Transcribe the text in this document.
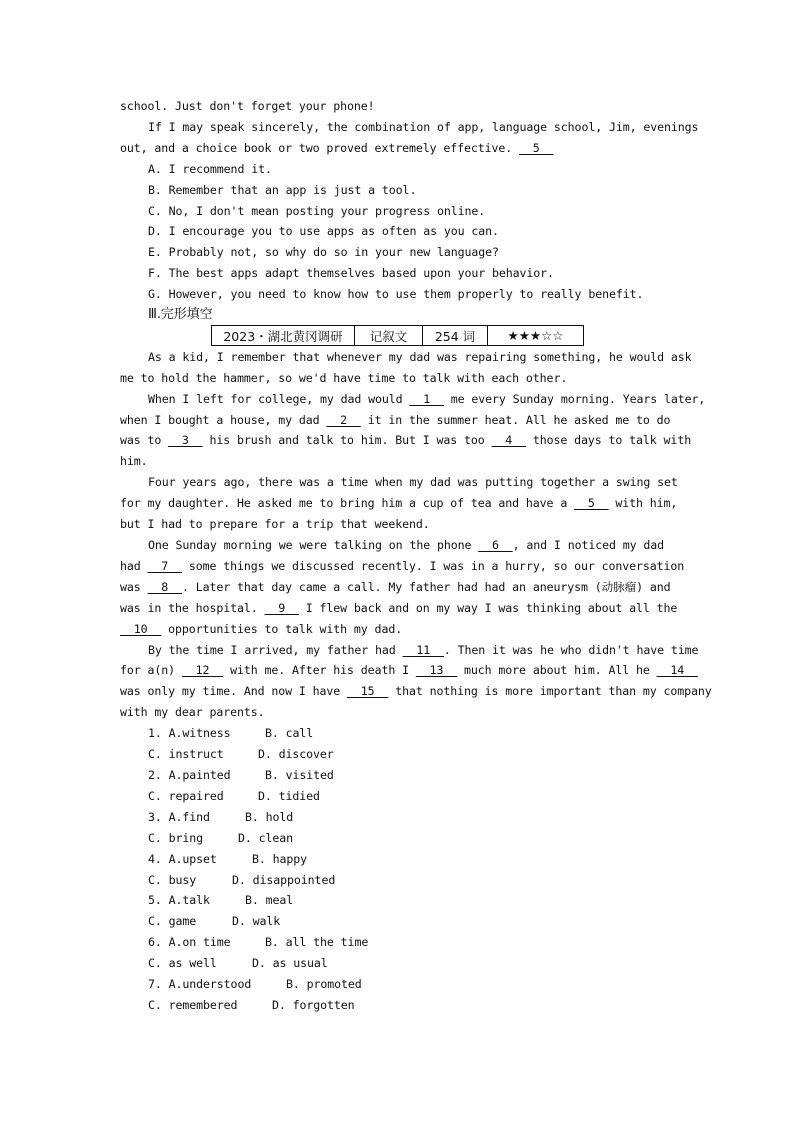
school. Just don't forget your phone!
If I may speak sincerely, the combination of app, language school, Jim, evenings
out, and a choice book or two proved extremely effective. __5__
A. I recommend it.
B. Remember that an app is just a tool.
C. No, I don't mean posting your progress online.
D. I encourage you to use apps as often as you can.
E. Probably not, so why do so in your new language?
F. The best apps adapt themselves based upon your behavior.
G. However, you need to know how to use them properly to really benefit.
Ⅲ.完形填空
As a kid, I remember that whenever my dad was repairing something, he would ask
me to hold the hammer, so we'd have time to talk with each other.
When I left for college, my dad would __1__ me every Sunday morning. Years later,
when I bought a house, my dad __2__ it in the summer heat. All he asked me to do
was to __3__ his brush and talk to him. But I was too __4__ those days to talk with
him.
Four years ago, there was a time when my dad was putting together a swing set
for my daughter. He asked me to bring him a cup of tea and have a __5__ with him,
but I had to prepare for a trip that weekend.
One Sunday morning we were talking on the phone __6__, and I noticed my dad
had __7__ some things we discussed recently. I was in a hurry, so our conversation
was __8__. Later that day came a call. My father had had an aneurysm (动脉瘤) and
was in the hospital. __9__ I flew back and on my way I was thinking about all the
__10__ opportunities to talk with my dad.
By the time I arrived, my father had __11__. Then it was he who didn't have time
for a(n) __12__ with me. After his death I __13__ much more about him. All he __14__
was only my time. And now I have __15__ that nothing is more important than my company
with my dear parents.
1. A.witness	B. call
C. instruct	D. discover
2. A.painted	B. visited
C. repaired	D. tidied
3. A.find	B. hold
C. bring	D. clean
4. A.upset	B. happy
C. busy	D. disappointed
5. A.talk	B. meal
C. game	D. walk
6. A.on time	B. all the time
C. as well	D. as usual
7. A.understood	B. promoted
C. remembered	D. forgotten
2023・湖北黄冈调研	记叙文	254 词	★★★☆☆
